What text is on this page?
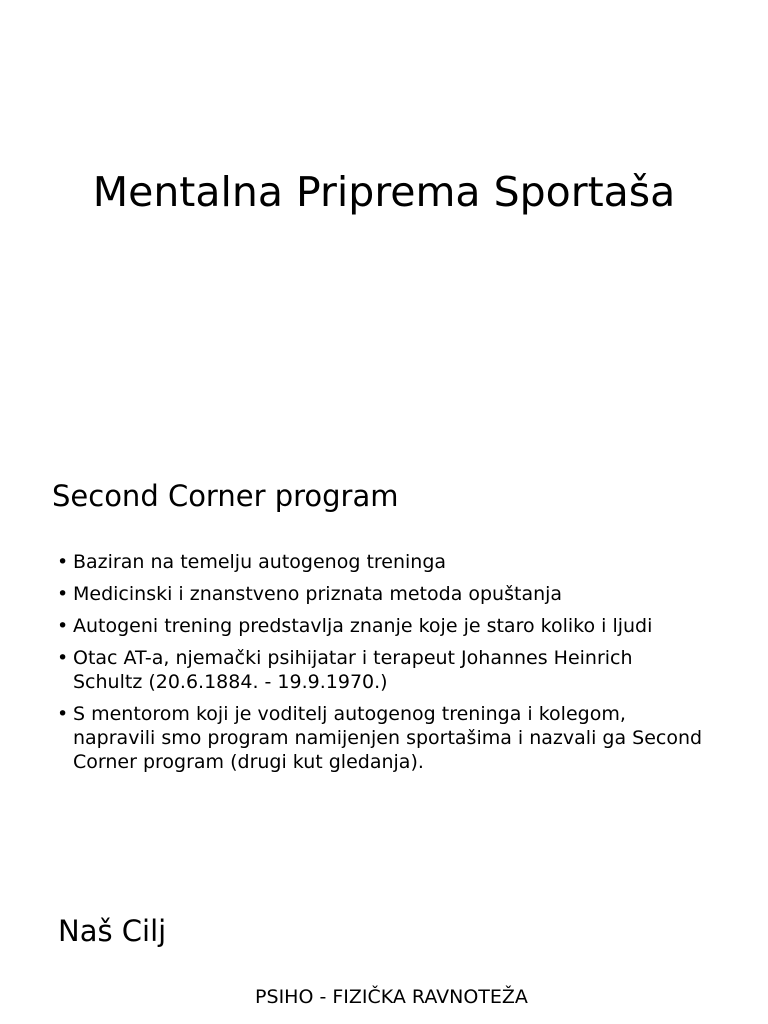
Mentalna Priprema Sportaša
Second Corner program
• Baziran na temelju autogenog treninga
• Medicinski i znanstveno priznata metoda opuštanja
• Autogeni trening predstavlja znanje koje je staro koliko i ljudi
• Otac AT-a, njemački psihijatar i terapeut Johannes Heinrich Schultz (20.6.1884. - 19.9.1970.)
• S mentorom koji je voditelj autogenog treninga i kolegom, napravili smo program namijenjen sportašima i nazvali ga Second Corner program (drugi kut gledanja).
Naš Cilj
PSIHO - FIZIČKA RAVNOTEŽA
